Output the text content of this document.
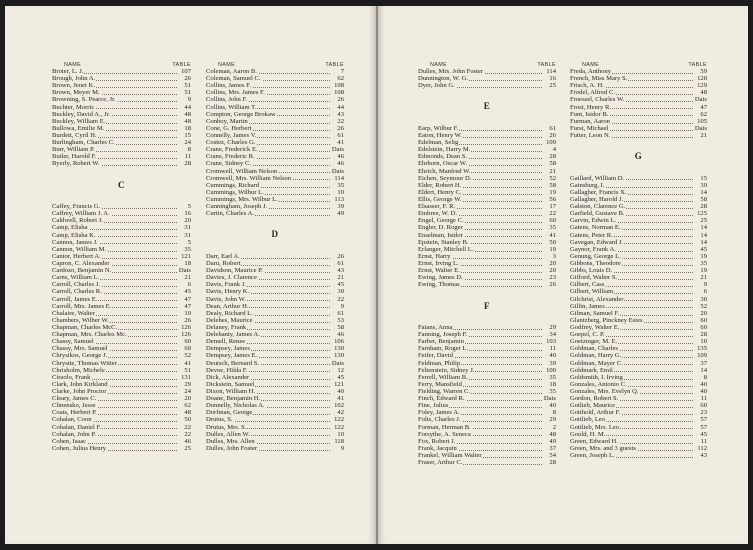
NAME	TABLE
Broter, L. J.	107
Brough, John A.	26
Brown, Jenet K.	51
Brown, Meyer M.	51
Browning, S. Pearce, Jr.	9
Buchter, Morris	44
Buckley, David A., Jr.	48
Buckley, William E.	48
Bullowa, Emilie M.	18
Burdett, Cyril H.	15
Burlingham, Charles C.	24
Burr, William P.	8
Butler, Harold F.	11
Byerly, Robert W.	28
C
Caffey, Francis G.	5
Caffrey, William J. A.	16
Caldwell, Robert J.	20
Camp, Elisha	31
Camp, Elisha K.	31
Cannon, James J.	5
Cannon, William M.	35
Cantor, Herbert A.	121
Capron, C. Alexander	18
Cardozo, Benjamin N.	Dais
Carns, William L.	21
Carroll, Charles J.	6
Carroll, Charles R.	45
Carroll, James E.	47
Carroll, Mrs. James E.	47
Chalaire, Walter	10
Chambers, Wilber W.	26
Chapman, Charles McC.	126
Chapman, Mrs. Charles Mc.	126
Chassy, Samuel	60
Chassy, Mrs. Samuel	60
Chrysikos, George J.	52
Chrystie, Thomas Witter	41
Chrisholm, Michele	51
Ciraolo, Frank	131
Clark, John Kirkland	29
Clarke, John Proctor	24
Cleary, James C.	20
Clinensko, Jesse	62
Coats, Herbert P.	48
Cohalan, Coon	50
Cohalan, Daniel F.	22
Cohalan, John P.	22
Cohen, Isaac	46
Cohen, Julius Henry	25
NAME	TABLE
Coleman, Aaron B.	7
Coleman, Samuel C.	62
Collins, James F.	108
Collins, Mrs. James F.	108
Collins, John F.	26
Collins, William T.	44
Compton, George Brokaw	43
Conboy, Martin	22
Cone, G. Herbert	26
Connelly, James V.	61
Costez, Charles G.	41
Crane, Frederick E.	Dais
Crane, Frederic R.	46
Crane, Sidney C.	46
Cromwell, William Nelson	Dais
Cromwell, Mrs. William Nelson	114
Cummings, Richard	35
Cummings, Wilbur L.	10
Cummings, Mrs. Wilbur L.	113
Cunningham, Joseph J.	39
Curtin, Charles A.	49
D
Darr, Earl A.	26
Daru, Robert	61
Davidson, Maurice P.	43
Davies, J. Clarence	21
Davis, Frank J.	45
Davis, Henry K.	30
Davis, John W.	22
Dean, Arthur H.	9
Dealy, Richard L.	61
Delehes, Maurice	53
Delaney, Frank	58
Delehanty, James A.	46
Demell, Renee	106
Dempsey, James	130
Dempsey, James E.	130
Deutsch, Bernard S.	Dais
Devoe, Hilda F.	12
Dick, Alexander	45
Dickstein, Samuel	121
Dixon, William H.	40
Doane, Benjamin H.	41
Donnelly, Nicholas A.	102
Dorfman, George	42
Drutus, S.	122
Drutus, Mrs. S.	122
Dulles, Allen W.	10
Dulles, Mrs. Allen	118
Dulles, John Foster	9
NAME	TABLE
Dulles, Mrs. John Foster	114
Dunnington, W. G.	16
Dyer, John G.	25
E
Earp, Wilbur F.	61
Eaton, Henry W.	26
Edelman, Selig	109
Edelstein, Harry M.	4
Edmonds, Dean S.	28
Ehrhorn, Oscar W.	58
Ehrich, Manfred W.	21
Eichen, Seymour D.	52
Elder, Robert H.	58
Eldert, Henry C.	19
Ellis, George W.	56
Elsasser, F. R.	17
Embree, W. D.	22
Engel, George C.	60
Engler, D. Roger	35
Enselman, Isidor	41
Epstein, Stanley B.	50
Erlanger, Mitchell L.	19
Ernst, Harry	3
Ernst, Irving L.	20
Ernst, Walter E.	20
Ewing, James D.	23
Ewing, Thomas	26
F
Faians, Anna	29
Fanning, Joseph F.	34
Farber, Benjamin	103
Farnham, Roger L.	11
Feifer, David	40
Feldman, Philip	39
Feltenstein, Sidney J.	100
Ferrell, William B.	35
Ferry, Mansfield	18
Fielding, Warren C.	35
Finch, Edward R.	Dais
Fine, Julius	40
Foley, James A.	8
Folts, Charles J.	29
Forman, Herman B.	2
Forsythe, A. Seneca	48
Fox, Robert J.	49
Frank, Jacquin	37
Frankel, William Walter	54
Fraser, Arthur C.	28
NAME	TABLE
Freda, Anthony	59
French, Miss Mary S.	120
Frisch, A. H.	129
Frodel, Alfred C.	48
Froessel, Charles W.	Dais
Frost, Henry R.	47
Funt, Isidor B.	62
Furman, Aaron	105
Furst, Michael	Dais
Futter, Leon N.	21
G
Gaillard, William D.	15
Gainsburg, I.	39
Gallagher, Francis X.	14
Gallagher, Harold J.	58
Galston, Clarence G.	28
Garfield, Gustave B.	125
Garvin, Edwin L.	25
Gatens, Norman E.	14
Gatens, Peter R.	14
Gavegan, Edward J.	14
Gaynor, Frank A.	45
Genung, George L.	19
Gibbons, Theodore	35
Gibbs, Louis D.	19
Gifford, Walter S.	21
Gilbert, Cass	9
Gilbert, William	6
Gilchrist, Alexander	30
Gillin, James	52
Gilman, Samuel F.	20
Glantzberg, Pinckney Estes	60
Godfrey, Walter E.	60
Goepel, C. P.	28
Goetzinger, M. E.	10
Goldman, Charles	135
Goldman, Harry G.	109
Goldman, Mayer C.	37
Goldmark, Emil	14
Goldsmith, I. Irving	8
Gonzales, Antonio C.	40
Gonzales, Mrs. Evelyn Q.	40
Gordon, Robert S.	11
Gotlieb, Maurice	60
Gotthold, Arthur F.	23
Gottlieb, Leo	57
Gottlieb, Mrs. Leo	57
Gould, H. M.	45
Green, Edward H.	11
Green, Mrs. and 3 guests	112
Green, Joseph L.	43
